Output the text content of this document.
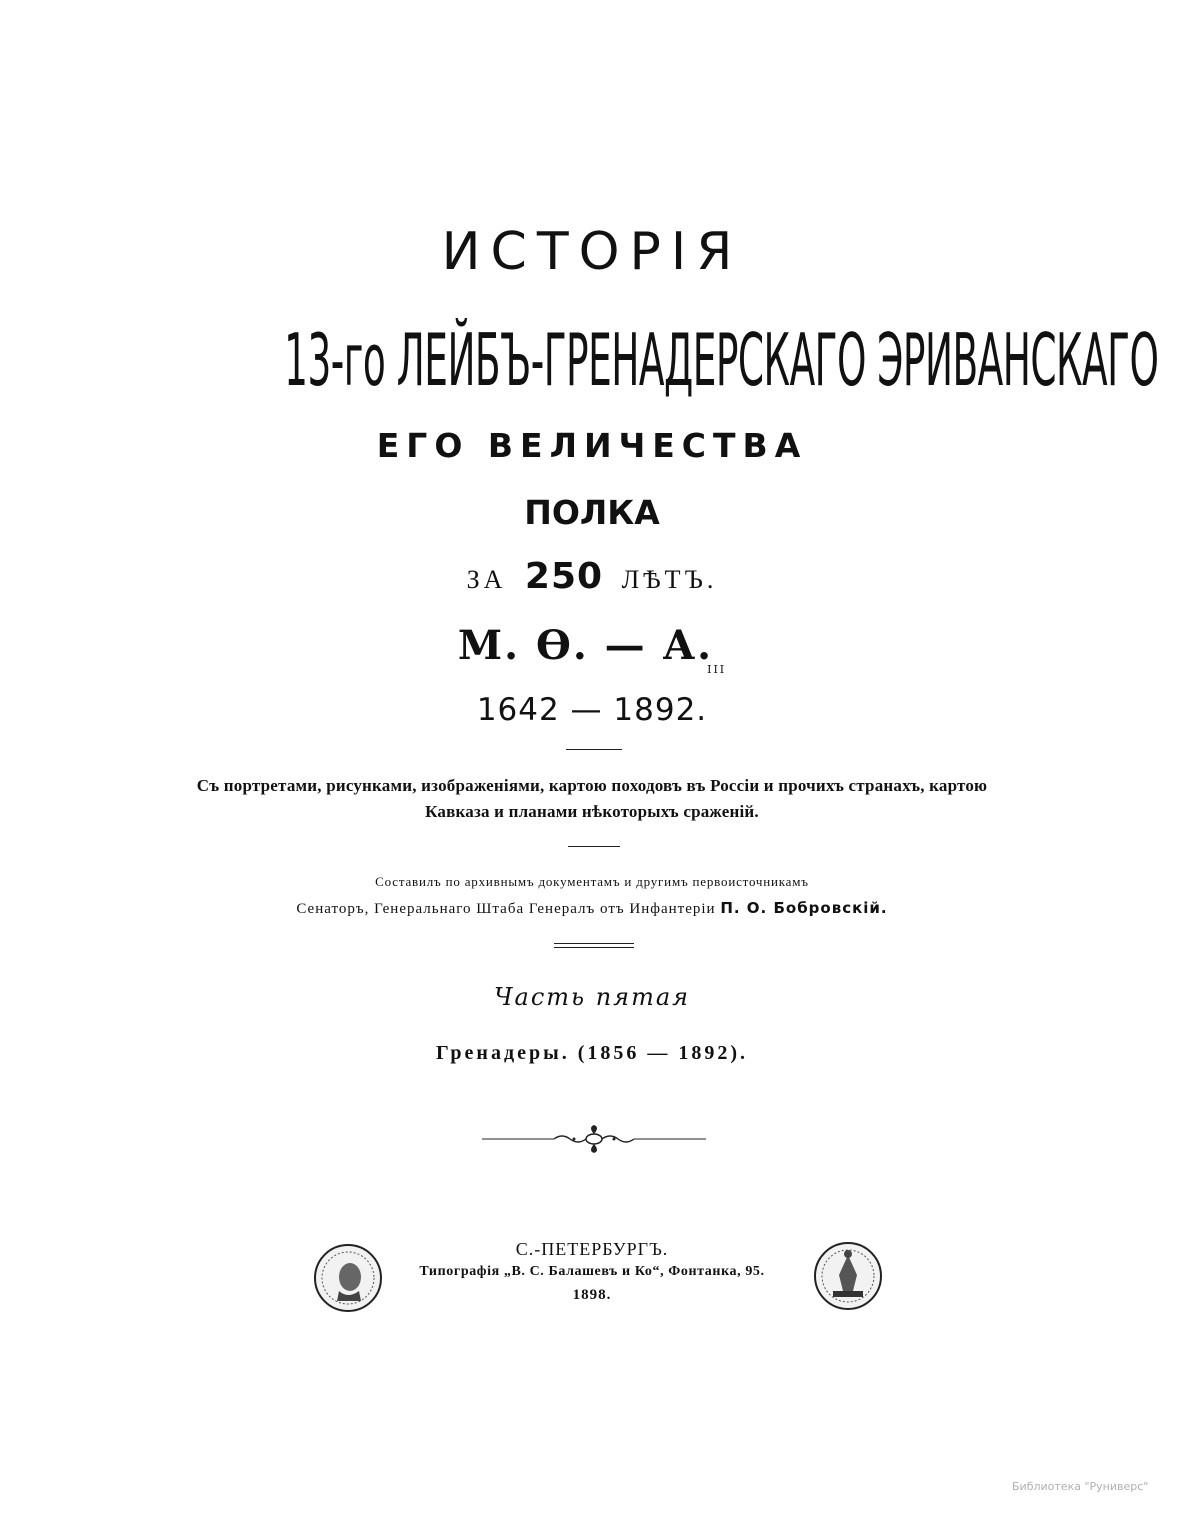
ИСТОРІЯ
13-го ЛЕЙБЪ-ГРЕНАДЕРСКАГО ЭРИВАНСКАГО
ЕГО ВЕЛИЧЕСТВА
ПОЛКА
ЗА 250 ЛѢТЪ.
М. Ѳ. — $А._{III}$
1642 — 1892.
Съ портретами, рисунками, изображеніями, картою походовъ въ Россіи и прочихъ странахъ, картою
Кавказа и планами нѣкоторыхъ сраженій.
Составилъ по архивнымъ документамъ и другимъ первоисточникамъ
Сенаторъ, Генеральнаго Штаба Генералъ отъ Инфантеріи П. О. Бобровскій.
Часть пятая
Гренадеры. (1856 — 1892).
С.-ПЕТЕРБУРГЪ.
Типографія „В. С. Балашевъ и Ко“, Фонтанка, 95.
1898.
Библиотека "Руниверс"
